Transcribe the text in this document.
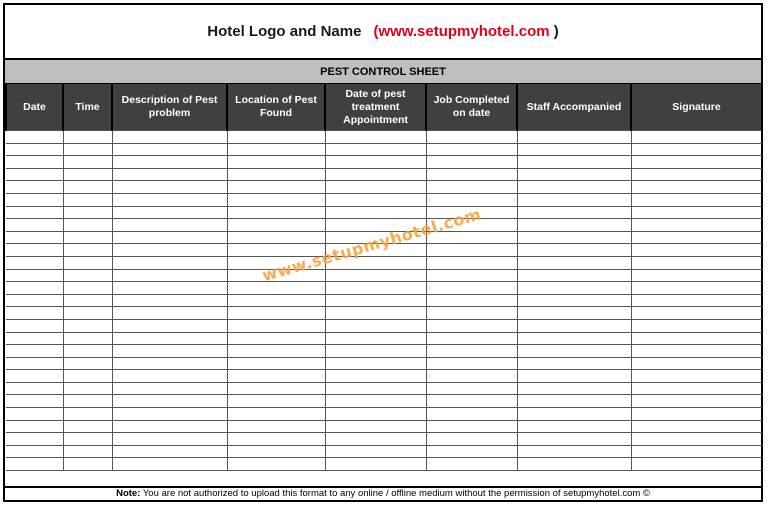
Hotel Logo and Name ( www.setupmyhotel.com
)
PEST CONTROL SHEET
Date	Time	Description of Pest problem	Location of Pest Found	Date of pest treatment Appointment	Job Completed on date	Staff Accompanied	Signature

www.setupmyhotel.com
Note: You are not authorized to upload this format to any online / offline medium without the permission of setupmyhotel.com ©
